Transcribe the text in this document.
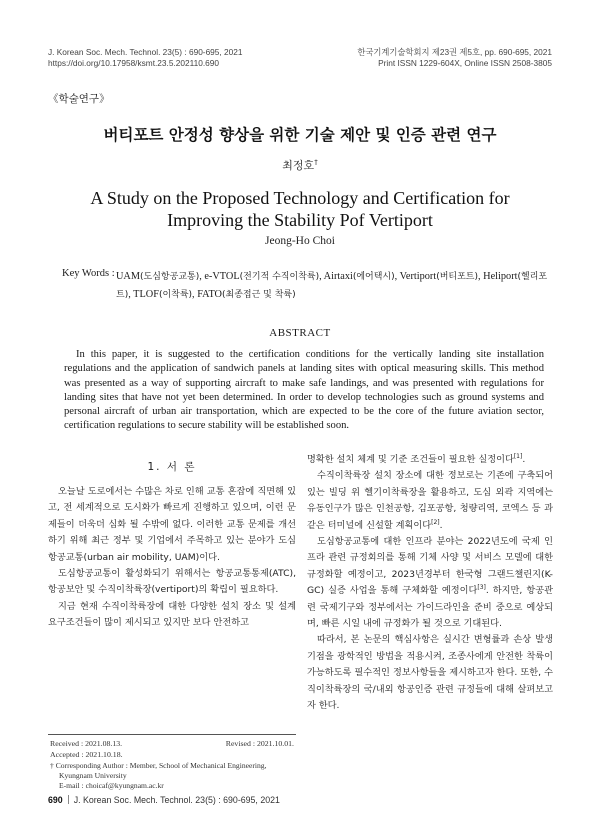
J. Korean Soc. Mech. Technol. 23(5) : 690-695, 2021
https://doi.org/10.17958/ksmt.23.5.202110.690
한국기계기술학회지 제23권 제5호, pp. 690-695, 2021
Print ISSN 1229-604X, Online ISSN 2508-3805
《학술연구》
버티포트 안정성 향상을 위한 기술 제안 및 인증 관련 연구
최정호†
A Study on the Proposed Technology and Certification for
Improving the Stability Pof Vertiport
Jeong-Ho Choi
Key Words : UAM(도심항공교통), e-VTOL(전기적 수직이착륙), Airtaxi(에어택시), Vertiport(버티포트), Heliport(헬리포트), TLOF(이착륙), FATO(최종접근 및 착륙)
ABSTRACT
In this paper, it is suggested to the certification conditions for the vertically landing site installation regulations and the application of sandwich panels at landing sites with optical measuring skills. This method was presented as a way of supporting aircraft to make safe landings, and was presented with regulations for landing sites that have not yet been determined. In order to develop technologies such as ground systems and personal aircraft of urban air transportation, which are expected to be the core of the future aviation sector, certification regulations to secure stability will be established soon.
1. 서 론

오늘날 도로에서는 수많은 차로 인해 교통 혼잡에 직면해 있고, 전 세계적으로 도시화가 빠르게 진행하고 있으며, 이런 문제들이 더욱더 심화 될 수밖에 없다. 이러한 교통 문제를 개선하기 위해 최근 정부 및 기업에서 주목하고 있는 분야가 도심항공교통(urban air mobility, UAM)이다.

도심항공교통이 활성화되기 위해서는 항공교통통제(ATC), 항공보안 및 수직이착륙장(vertiport)의 확립이 필요하다.

지금 현재 수직이착륙장에 대한 다양한 설치 장소 및 설계 요구조건들이 많이 제시되고 있지만 보다 안전하고

명확한 설치 체계 및 기준 조건들이 필요한 실정이다[1].

수직이착륙장 설치 장소에 대한 정보로는 기존에 구축되어 있는 빌딩 위 헬기이착륙장을 활용하고, 도심 외곽 지역에는 유동인구가 많은 인천공항, 김포공항, 청량리역, 코엑스 등 과 같은 터미널에 신설할 계획이다[2].

도심항공교통에 대한 인프라 분야는 2022년도에 국제 인프라 관련 규정회의를 통해 기체 사양 및 서비스 모델에 대한 규정화할 예정이고, 2023년경부터 한국형 그랜드챌린지(K-GC) 실증 사업을 통해 구체화할 예정이다[3]. 하지만, 항공관련 국제기구와 정부에서는 가이드라인을 준비 중으로 예상되며, 빠른 시일 내에 규정화가 될 것으로 기대된다.

따라서, 본 논문의 핵심사항은 실시간 변형률과 손상 발생기점을 광학적인 방법을 적용시켜, 조종사에게 안전한 착륙이 가능하도록 필수적인 정보사항들을 제시하고자 한다. 또한, 수직이착륙장의 국/내외 항공인증 관련 규정들에 대해 살펴보고자 한다.

Received : 2021.08.13.	Revised : 2021.10.01.
Accepted : 2021.10.18.
† Corresponding Author : Member, School of Mechanical Engineering,
Kyungnam University
E-mail : choicaf@kyungnam.ac.kr
690 J. Korean Soc. Mech. Technol. 23(5) : 690-695, 2021
